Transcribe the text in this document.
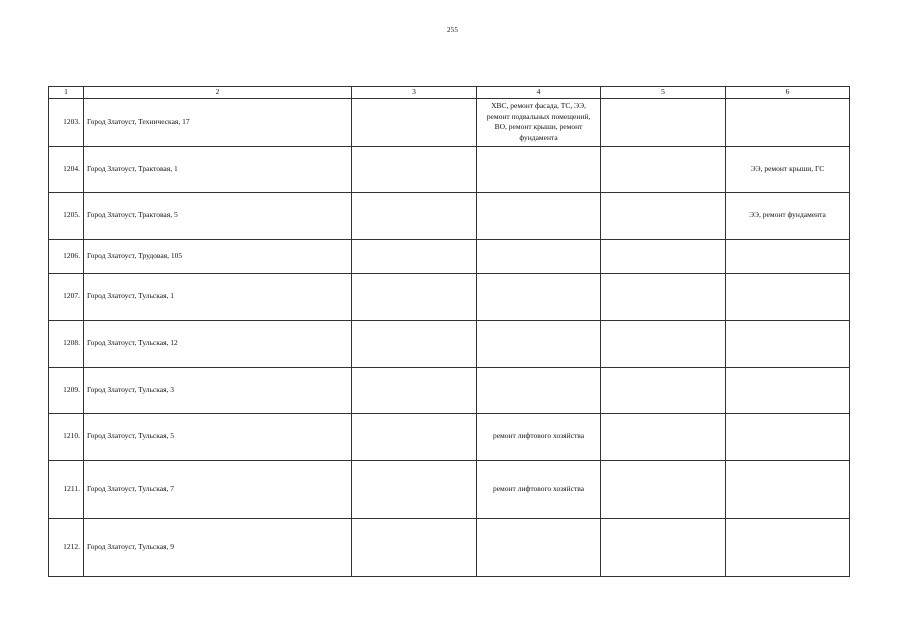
255
1	2	3	4	5	6
1203.	Город Златоуст, Техническая, 17		ХВС, ремонт фасада, ТС, ЭЭ, ремонт подвальных помещений, ВО, ремонт крыши, ремонт фундамента		
1204.	Город Златоуст, Трактовая, 1				ЭЭ, ремонт крыши, ГС
1205.	Город Златоуст, Трактовая, 5				ЭЭ, ремонт фундамента
1206.	Город Златоуст, Трудовая, 105				
1207.	Город Златоуст, Тульская, 1				
1208.	Город Златоуст, Тульская, 12				
1209.	Город Златоуст, Тульская, 3				
1210.	Город Златоуст, Тульская, 5		ремонт лифтового хозяйства		
1211.	Город Златоуст, Тульская, 7		ремонт лифтового хозяйства		
1212.	Город Златоуст, Тульская, 9				
